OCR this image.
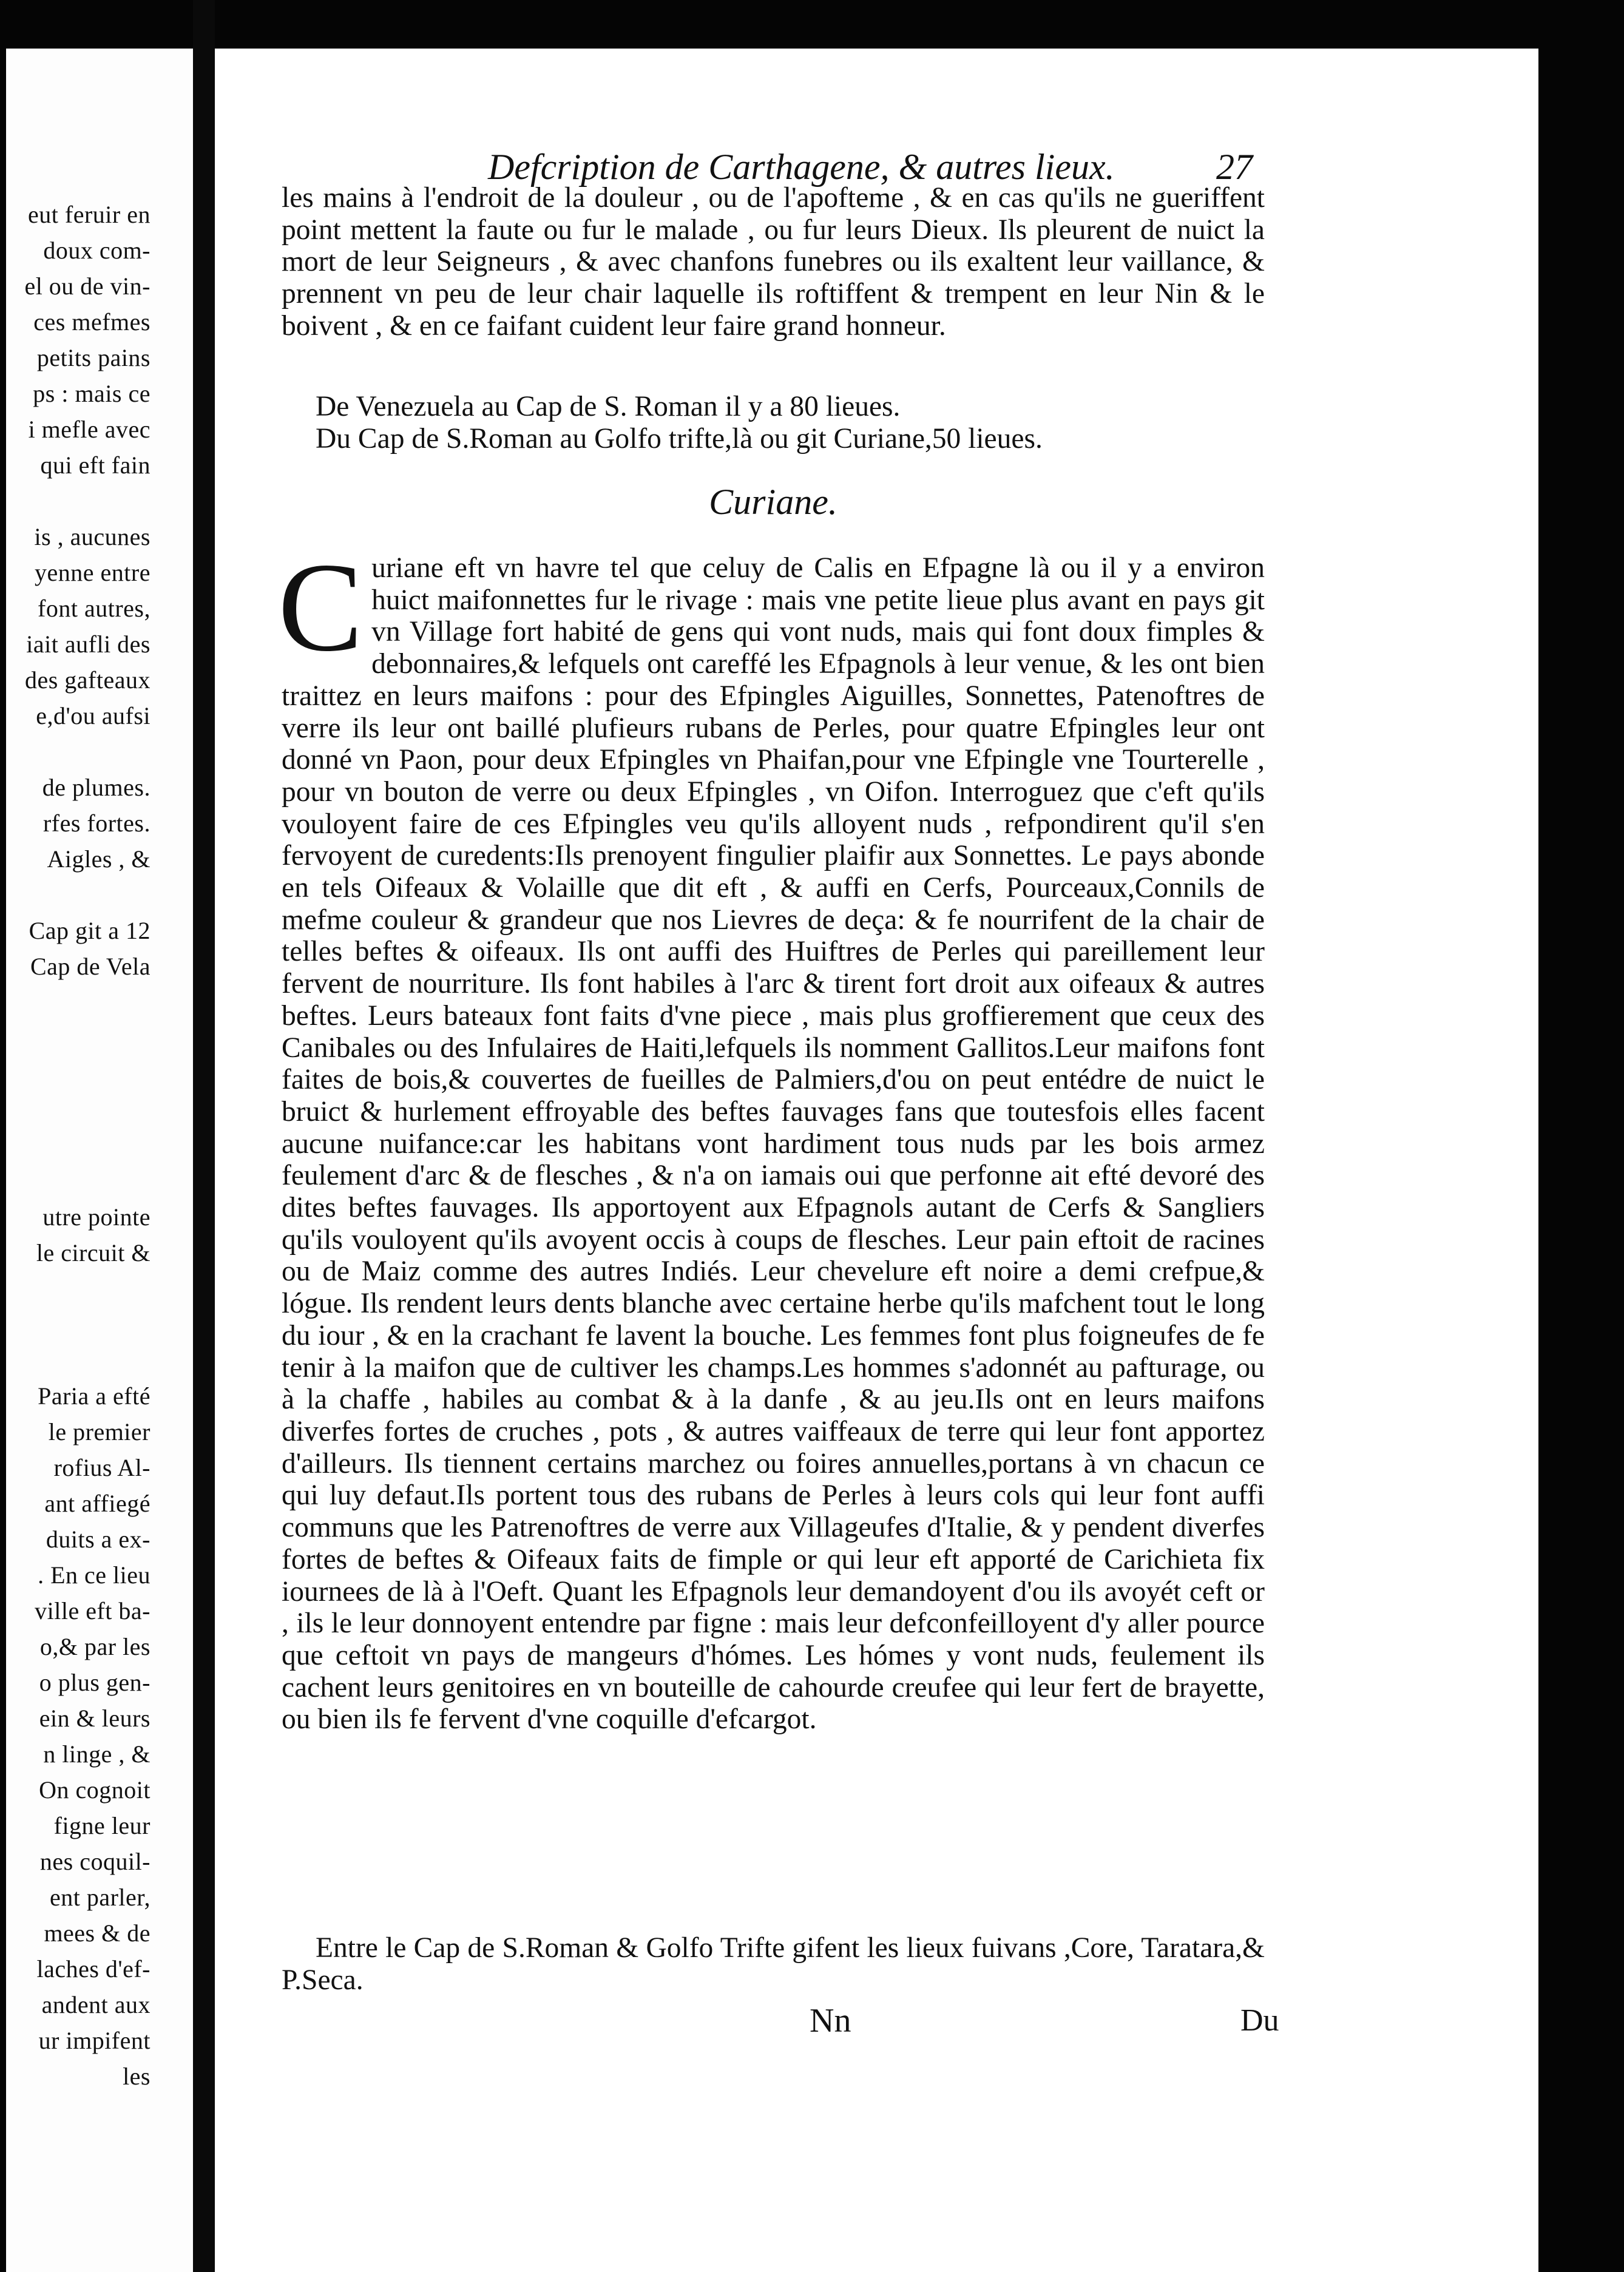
eut feruir en
doux com-
el ou de vin-
ces mefmes
petits pains
ps : mais ce
i mefle avec
qui eft fain
is , aucunes
yenne entre
font autres,
iait aufli des
des gafteaux
e,d'ou aufsi
de plumes.
rfes fortes.
Aigles , &
Cap git a 12
Cap de Vela
utre pointe
le circuit &
Paria a efté
le premier
rofius Al-
ant affiegé
duits a ex-
. En ce lieu
ville eft ba-
o,& par les
o plus gen-
ein & leurs
n linge , &
On cognoit
figne leur
nes coquil-
ent parler,
mees & de
laches d'ef-
andent aux
ur impifent
les
Defcription de Carthagene, & autres lieux.	27

les mains à l'endroit de la douleur , ou de l'apofteme , & en cas qu'ils ne gueriffent point mettent la faute ou fur le malade , ou fur leurs Dieux. Ils pleurent de nuict la mort de leur Seigneurs , & avec chanfons funebres ou ils exaltent leur vaillance, & prennent vn peu de leur chair laquelle ils roftiffent & trempent en leur Nin & le boivent , & en ce faifant cuident leur faire grand honneur.

De Venezuela au Cap de S. Roman il y a 80 lieues.

Du Cap de S.Roman au Golfo trifte,là ou git Curiane,50 lieues.

Curiane.

Curiane eft vn havre tel que celuy de Calis en Efpagne là ou il y a environ huict maifonnettes fur le rivage : mais vne petite lieue plus avant en pays git vn Village fort habité de gens qui vont nuds, mais qui font doux fimples & debonnaires,& lefquels ont careffé les Efpagnols à leur venue, & les ont bien traittez en leurs maifons : pour des Efpingles Aiguilles, Sonnettes, Patenoftres de verre ils leur ont baillé plufieurs rubans de Perles, pour quatre Efpingles leur ont donné vn Paon, pour deux Efpingles vn Phaifan,pour vne Efpingle vne Tourterelle , pour vn bouton de verre ou deux Efpingles , vn Oifon. Interroguez que c'eft qu'ils vouloyent faire de ces Efpingles veu qu'ils alloyent nuds , refpondirent qu'il s'en fervoyent de curedents:Ils prenoyent fingulier plaifir aux Sonnettes. Le pays abonde en tels Oifeaux & Volaille que dit eft , & auffi en Cerfs, Pourceaux,Connils de mefme couleur & grandeur que nos Lievres de deça: & fe nourrifent de la chair de telles beftes & oifeaux. Ils ont auffi des Huiftres de Perles qui pareillement leur fervent de nourriture. Ils font habiles à l'arc & tirent fort droit aux oifeaux & autres beftes. Leurs bateaux font faits d'vne piece , mais plus groffierement que ceux des Canibales ou des Infulaires de Haiti,lefquels ils nomment Gallitos.Leur maifons font faites de bois,& couvertes de fueilles de Palmiers,d'ou on peut entédre de nuict le bruict & hurlement effroyable des beftes fauvages fans que toutesfois elles facent aucune nuifance:car les habitans vont hardiment tous nuds par les bois armez feulement d'arc & de flesches , & n'a on iamais oui que perfonne ait efté devoré des dites beftes fauvages. Ils apportoyent aux Efpagnols autant de Cerfs & Sangliers qu'ils vouloyent qu'ils avoyent occis à coups de flesches. Leur pain eftoit de racines ou de Maiz comme des autres Indiés. Leur chevelure eft noire a demi crefpue,& lógue. Ils rendent leurs dents blanche avec certaine herbe qu'ils mafchent tout le long du iour , & en la crachant fe lavent la bouche. Les femmes font plus foigneufes de fe tenir à la maifon que de cultiver les champs.Les hommes s'adonnét au pafturage, ou à la chaffe , habiles au combat & à la danfe , & au jeu.Ils ont en leurs maifons diverfes fortes de cruches , pots , & autres vaiffeaux de terre qui leur font apportez d'ailleurs. Ils tiennent certains marchez ou foires annuelles,portans à vn chacun ce qui luy defaut.Ils portent tous des rubans de Perles à leurs cols qui leur font auffi communs que les Patrenoftres de verre aux Villageufes d'Italie, & y pendent diverfes fortes de beftes & Oifeaux faits de fimple or qui leur eft apporté de Carichieta fix iournees de là à l'Oeft. Quant les Efpagnols leur demandoyent d'ou ils avoyét ceft or , ils le leur donnoyent entendre par figne : mais leur defconfeilloyent d'y aller pource que ceftoit vn pays de mangeurs d'hómes. Les hómes y vont nuds, feulement ils cachent leurs genitoires en vn bouteille de cahourde creufee qui leur fert de brayette, ou bien ils fe fervent d'vne coquille d'efcargot.

Entre le Cap de S.Roman & Golfo Trifte gifent les lieux fuivans ,Core, Taratara,& P.Seca.

Nn	Du
